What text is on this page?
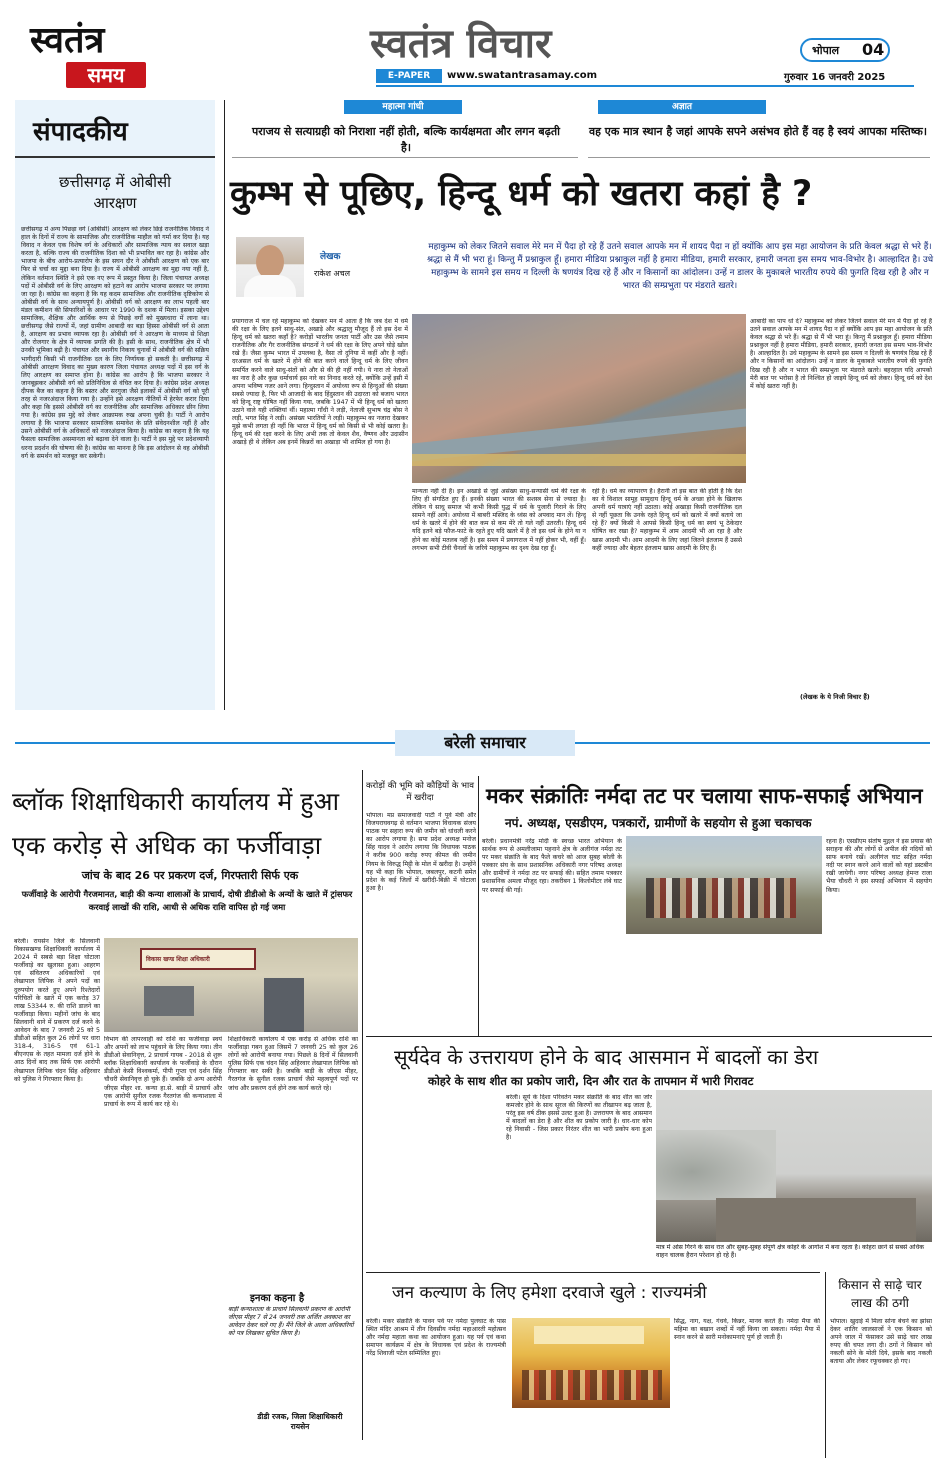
स्वतंत्र
समय
स्वतंत्र विचार
E-PAPER	www.swatantrasamay.com
भोपाल 04
गुरुवार 16 जनवरी 2025
संपादकीय
छत्तीसगढ़ में ओबीसी आरक्षण
छत्तीसगढ़ में अन्य पिछड़ा वर्ग (ओबीसी) आरक्षण को लेकर छिड़े राजनीतिक विवाद ने हाल के दिनों में राज्य के सामाजिक और राजनीतिक माहौल को गर्मा कर दिया है। यह विवाद न केवल एक विशेष वर्ग के अधिकारों और सामाजिक न्याय का सवाल खड़ा करता है, बल्कि राज्य की राजनीतिक दिशा को भी प्रभावित कर रहा है। कांग्रेस और भाजपा के बीच आरोप-प्रत्यारोप के इस सघन दौर ने ओबीसी आरक्षण को एक बार फिर से चर्चा का मुद्दा बना दिया है। राज्य में ओबीसी आरक्षण का मुद्दा नया नहीं है, लेकिन वर्तमान स्थिति ने इसे एक नए रूप में प्रस्तुत किया है। जिला पंचायत अध्यक्ष पदों में ओबीसी वर्ग के लिए आरक्षण को हटाने का आरोप भाजपा सरकार पर लगाया जा रहा है। कांग्रेस का कहना है कि यह कदम सामाजिक और राजनीतिक दृष्टिकोण से ओबीसी वर्ग के साथ अन्यायपूर्ण है। ओबीसी वर्ग को आरक्षण का लाभ पहली बार मंडल कमीशन की सिफारिशों के आधार पर 1990 के दशक में मिला। इसका उद्देश्य सामाजिक, शैक्षिक और आर्थिक रूप से पिछड़े वर्गों को मुख्यधारा में लाना था। छत्तीसगढ़ जैसे राज्यों में, जहां ग्रामीण आबादी का बड़ा हिस्सा ओबीसी वर्ग से आता है, आरक्षण का प्रभाव व्यापक रहा है। ओबीसी वर्ग ने आरक्षण के माध्यम से शिक्षा और रोजगार के क्षेत्र में व्यापक प्रगति की है। इसी के साथ, राजनीतिक क्षेत्र में भी उनकी भूमिका बढ़ी है। पंचायत और स्थानीय निकाय चुनावों में ओबीसी वर्ग की सक्रिय भागीदारी किसी भी राजनीतिक दल के लिए निर्णायक हो सकती है। छत्तीसगढ़ में ओबीसी आरक्षण विवाद का मुख्य कारण जिला पंचायत अध्यक्ष पदों में इस वर्ग के लिए आरक्षण का समाप्त होना है। कांग्रेस का आरोप है कि भाजपा सरकार ने जानबूझकर ओबीसी वर्ग को प्रतिनिधित्व से वंचित कर दिया है। कांग्रेस प्रदेश अध्यक्ष दीपक बैज का कहना है कि बस्तर और सरगुजा जैसे इलाकों में ओबीसी वर्ग को पूरी तरह से नजरअंदाज किया गया है। उन्होंने इसे आरक्षण नीतियों में हेरफेर करार दिया और कहा कि इससे ओबीसी वर्ग का राजनीतिक और सामाजिक अधिकार छीन लिया गया है। कांग्रेस इस मुद्दे को लेकर आक्रामक रुख अपना चुकी है। पार्टी ने आरोप लगाया है कि भाजपा सरकार सामाजिक समावेश के प्रति संवेदनशील नहीं है और उसने ओबीसी वर्ग के अधिकारों को नजरअंदाज किया है। कांग्रेस का कहना है कि यह फैसला सामाजिक असमानता को बढ़ावा देने वाला है। पार्टी ने इस मुद्दे पर प्रदेशव्यापी धरना प्रदर्शन की घोषणा की है। कांग्रेस का मानना है कि इस आंदोलन से वह ओबीसी वर्ग के समर्थन को मजबूत कर सकेगी।
महात्मा गांधी
पराजय से सत्याग्रही को निराशा नहीं होती, बल्कि कार्यक्षमता और लगन बढ़ती है।
अज्ञात
वह एक मात्र स्थान है जहां आपके सपने असंभव होते हैं वह है स्वयं आपका मस्तिष्क।
कुम्भ से पूछिए, हिन्दू धर्म को खतरा कहां है ?
लेखक
राकेश अचल
महाकुम्भ को लेकर जितने सवाल मेरे मन में पैदा हो रहे हैं उतने सवाल आपके मन में शायद पैदा न हों क्योंकि आप इस महा आयोजन के प्रति केवल श्रद्धा से भरे हैं। श्रद्धा से मैं भी भरा हूं। किन्तु मैं प्रश्नाकुल हूँ। हमारा मीडिया प्रश्नाकुल नहीं है हमारा मीडिया, हमारी सरकार, हमारी जनता इस समय भाव-विभोर है। आल्हादित है। उधे महाकुम्भ के सामने इस समय न दिल्ली के षणयंत्र दिख रहे हैं और न किसानों का आंदोलन। उन्हें न डालर के मुकाबले भारतीय रुपये की फुगति दिख रही है और न भारत की सम्प्रभुता पर मंडराते खतरे।
प्रयागराज में चल रहे महाकुम्भ को देखकर मन में आता है कि जब देश में धर्म की रक्षा के लिए इतने साधु-संत, अखाड़े और श्रद्धालु मौजूद हैं तो इस देश में हिन्दू धर्म को खतरा कहाँ है? करोड़ों भारतीय जनता पार्टी और उस जैसे तमाम राजनीतिक और गैर राजनीतिक संगठनों ने धर्म की रक्षा के लिए अपने घोड़े खोल रखे हैं। जैसा कुम्भ भारत में उपलब्ध है, वैसा तो दुनिया में कहीं और है नहीं। दरअसल धर्म के खतरे में होने की बात करने वाले हिन्दू धर्म के लिए जीवन समर्पित करने वाले साधु-संतों को और से की ही नहीं गयी। ये नारा तो नेताओं का नारा है और कुछ धर्माचार्य इस नारे का निनाद करते रहे, क्योंकि उन्हें इसी में अपना भविष्य नजर आने लगा। हिन्दुस्तान में अयोध्या रूप से हिन्दुओं की संख्या सबसे ज्यादा है, फिर भी आजादी के बाद हिंदुस्तान की उदारता को बजाय भारत को हिन्दू राष्ट्र घोषित नहीं किया गया, जबकि 1947 में भी हिन्दू धर्म को खतरा उठाने वाले यही शक्तियां थीं। महात्मा गाँधी ने लड़ी, नेताजी सुभाष चंद्र बोस ने लड़ी, भगत सिंह ने लड़ी। असंख्य भारतियों ने लड़ी। महाकुम्भ का नजारा देखकर मुझे कभी लगता ही नहीं कि भारत में हिन्दू धर्म को किसी से भी कोई खतरा है। हिन्दू धर्म की रक्षा करने के लिए अभी तक तो केवल शैव, वैष्णव और उदासीन अखाड़े ही थे लेकिन अब इनमें किन्नरों का अखाड़ा भी शामिल हो गया है।
मान्यता नहीं दी है। इन अखाड़े से जुड़े असंख्य साधु-सन्यासी धर्म की रक्षा के लिए ही संगठित हुए हैं। इनकी संख्या भारत की सशस्त्र सेना से ज्यादा है। लेकिन ये साधु समाज भी कभी किसी युद्ध में धर्म के पुजारी गिराने के लिए सामने नहीं आये। अयोध्या में बाबरी मस्जिद के ध्वंस को अपवाद मान लें। हिन्दू धर्म के खतरे में होने की बात कम से कम मेरे तो गले नहीं उतरती। हिन्दू धर्म यदि इतने बड़े फौज-फाटे के रहते हुए यदि खतरे में है तो इस धर्म के होने या न होने का कोई मतलब नहीं है। इस समय में प्रयागराज में नहीं होकर भी, वहीं हूँ। लगभग सभी टीवी चैनलों के जरिये महाकुम्भ का दृश्य देख रहा हूँ।
रही है। धर्म का व्यापारण है। हैरानी तो इस बात की होती है कि देश का ये विशाल सामूह सामुदाय हिन्दू धर्म के अच्छा होने के खिलाफ अपनी धर्म यात्राएं नहीं उठाता। कोई अखाड़ा किसी राजनीतिक दल से नहीं पूछता कि उनके रहते हिन्दू धर्म को खतरे में क्यों बताये जा रहे हैं? क्यों किसी ने आपसे किसी हिन्दू धर्म का स्वयं भू ठेकेदार घोषित कर रखा है? महाकुम्भ में आम आदमी भी आ रहा है और खास आदमी भी। आम आदमी के लिए जहां जितने इंतजाम हैं उससे कहीं ज्यादा और बेहतर इंतजाम खास आदमी के लिए हैं।
आबादी का पाप धो दे? महाकुम्भ को लेकर जितने सवाल मेरे मन में पैदा हो रहे हैं उतने सवाल आपके मन में शायद पैदा न हों क्योंकि आप इस महा आयोजन के प्रति केवल श्रद्धा से भरे हैं। श्रद्धा से मैं भी भरा हूं। किन्तु मैं प्रश्नाकुल हूँ। हमारा मीडिया प्रश्नाकुल नहीं है हमारा मीडिया, हमारी सरकार, हमारी जनता इस समय भाव-विभोर है। आल्हादित है। उधे महाकुम्भ के सामने इस समय न दिल्ली के षणयंत्र दिख रहे हैं और न किसानों का आंदोलन। उन्हें न डालर के मुकाबले भारतीय रुपये की फुगति दिख रही है और न भारत की सम्प्रभुता पर मंडराते खतरे। बहरहाल यदि आपको मेरी बात पर भरोसा है तो निश्चित हो जाइये हिन्दू धर्म को लेकर। हिन्दू धर्म को देश में कोई खतरा नहीं है।
(लेखक के ये निजी विचार हैं)
बरेली समाचार
ब्लॉक शिक्षाधिकारी कार्यालय में हुआ एक करोड़ से अधिक का फर्जीवाड़ा
जांच के बाद 26 पर प्रकरण दर्ज, गिरफ्तारी सिर्फ एक
फर्जीवाड़े के आरोपी गैरजमानत, बाड़ी की कन्या शालाओं के प्राचार्य, दोषी डीडीओ के अन्यों के खाते में ट्रांसफर करवाई लाखों की राशि, आधी से अधिक राशि वापिस हो गई जमा
बरेली। रायसेन जिले के सिलवानी विकासखण्ड शिक्षाधिकारी कार्यालय में 2024 में सबसे बड़ा शिक्षा घोटाला फर्जीवाड़े का खुलासा हुआ। आहरण एवं संवितरण अधिकारियों एवं लेखापाल लिपिक ने अपने पदों का दुरुपयोग करते हुए अपने रिश्तेदारों परिचितों के खाते में एक करोड़ 37 लाख 53344 रु. की राशि डालने का फर्जीवाड़ा किया। महीनों जांच के बाद सिलवानी थाने में प्रकरण दर्ज करने के आवेदन के बाद 7 जनवरी 25 को 5 डीडीओ सहित कुल 26 लोगों पर धारा 318-4, 316-5 एवं 61-1 बीएनएस के तहत मामला दर्ज होने के आठ दिनों बाद तक सिर्फ एक आरोपी लेखापाल लिपिक चंदन सिंह अहिरवार को पुलिस ने गिरफ्तार किया है।
विकास खण्ड शिक्षा अधिकारी
विभाग की लापरवाही को राशि का फर्जीवाड़ा स्वयं और अपनों को लाभ पहुंचाने के लिए किया गया। तीन डीडीओ सेवानिवृत्त, 2 प्राचार्य गायब - 2018 से शुरू ब्लॉक शिक्षाधिकारी कार्यालय के फर्जीवाड़े के दौरान डीडीओ केसी विश्वकर्मा, पीपी गुप्ता एवं दर्शन सिंह चौधरी सेवानिवृत्त हो चुके हैं। जबकि दो अन्य आरोपी जीएस मीहर शा. कन्या हा.से. बाड़ी में प्राचार्य और एक आरोपी सुनील रजक गैरतगंज की कन्याशाला में प्राचार्य के रूप में कार्य कर रहे थे।
शिक्षाधिकारी कार्यालय में एक करोड़ से अधिक राशि का फर्जीवाड़ा गबन हुआ जिसमें 7 जनवरी 25 को कुल 26 लोगों को आरोपी बनाया गया। पिछले 8 दिनों में सिलवानी पुलिस सिर्फ एक चंदन सिंह अहिरवार लेखापाल लिपिक को गिरफ्तार कर सकी है। जबकि बाड़ी के जीएस मीहर, गैरतगंज के सुनील रजक प्राचार्य जैसे महत्वपूर्ण पदों पर जांच और प्रकरण दर्ज होने तक कार्य करते रहे।
इनका कहना है
बाड़ी कन्याशाला के प्राचार्य सिलवानी प्रकरण के आरोपी जीएस मीहर 7 से 24 जनवरी तक अर्जित अवकाश का आवेदन देकर चले गए हैं। मैंने जिले के आला अधिकारियों को पत्र लिखकर सूचित किया है।
डीडी रजक, जिला शिक्षाधिकारी रायसेन
करोड़ों की भूमि को कौड़ियों के भाव में खरीदा
भोपाल। मप्र समाजवादी पार्टी ने पूर्व मंत्री और विजयराघवगढ़ से वर्तमान भाजपा विधायक संजय पाठक पर सहारा रूप की जमीन को धांधली करने का आरोप लगाया है। सपा प्रदेश अध्यक्ष मनोज सिंह यादव ने आरोप लगाया कि विधायक पाठक ने करीब 900 करोड़ रुपए कीमत की जमीन नियम के विरुद्ध मिट्टी के मोल में खरीदा है। उन्होंने यह भी कहा कि भोपाल, जबलपुर, कटनी समेत प्रदेश के कई जिलों में खरीदी-बिक्री में घोटाला हुआ है।
मकर संक्रांतिः नर्मदा तट पर चलाया साफ-सफाई अभियान
नपं. अध्यक्ष, एसडीएम, पत्रकारों, ग्रामीणों के सहयोग से हुआ चकाचक
बरेली। प्रधानमंत्री नरेंद्र मोदी के स्वच्छ भारत अभियान के सार्थक रूप से अमलीजामा पहनाने क्षेत्र के अलीगंज नर्मदा तट पर मकर संक्रांति के बाद फैले कचरे को आज सुबह बरेली के पत्रकार संघ के साथ प्रशासनिक अधिकारी नगर परिषद अध्यक्ष और ग्रामीणों ने नर्मदा तट पर सफाई की। सहित तमाम पत्रकार प्रशासनिक अमला मौजूद रहा। तकरीबन 1 किलोमीटर लंबे घाट पर सफाई की गई।
रहना है। एसडीएम संतोष मुद्गल ने इस प्रयास की सराहना की और लोगों से अपील की नदियों को साफ बनाये रखें। अलीगंज घाट सहित नर्मदा नदी पर स्नान करने आने वालों को यहां डस्टबीन रखी जायेगी। नगर परिषद अध्यक्ष हेमन्त राजा भैया चौधरी ने इस सफाई अभियान में सहयोग किया।
सूर्यदेव के उत्तरायण होने के बाद आसमान में बादलों का डेरा
कोहरे के साथ शीत का प्रकोप जारी, दिन और रात के तापमान में भारी गिरावट
बरेली। सूर्य के दिशा परिवर्तन मकर संक्रांति के बाद शीत का जोर कमजोर होने के साथ सूरज की किरणों का तीखापन बढ़ जाता है, परंतु इस वर्ष ठीक इससे उलट हुआ है। उत्तरायण के बाद आसमान में बादलों का डेरा है और शीत का प्रकोप जारी है। धार-धार कोप रहे निवासी - जिस प्रकार निरंतर शीत का भारी प्रकोप बना हुआ है।
मात्र में ओस गिरने के साथ रात और सुबह-सुबह संपूर्ण क्षेत्र कोहरे के आगोश में बना रहता है। कोहरा छाने से सबसे अधिक वाहन चालक हैरान परेशान हो रहे हैं।
जन कल्याण के लिए हमेशा दरवाजे खुले : राज्यमंत्री
बरेली। मकर संक्रांति के पावन पर्व पर नर्मदा पुलघाट के पास स्थित मंदिर आश्रम में तीन दिवसीय नर्मदा महाआरती महोत्सव और नर्मदा महाता कथा का आयोजन हुआ। यह पर्व एवं कथा समापन कार्यक्रम में क्षेत्र के विधायक एवं प्रदेश के राज्यमंत्री नरेंद्र शिवाजी पटेल सम्मिलित हुए।
सिद्ध, नाग, यक्ष, गंधर्व, किन्नर, मानव करते हैं। नर्मदा मैया की महिमा का बखान शब्दों में नहीं किया जा सकता। नर्मदा मैया में स्नान करने से सारी मनोकामनाएं पूर्ण हो जाती हैं।
किसान से साढ़े चार लाख की ठगी
भोपाल। खुदाई में मिला सोना बेचने का झांसा देकर शातिर जालसाजों ने एक किसान को अपने जाल में फंसाकर उसे साढ़े चार लाख रुपए की चपत लगा दी। ठगों ने किसान को नकली सोने के मोती दिये, इसके बाद नकली बताया और लेकर रफूचक्कर हो गए।
